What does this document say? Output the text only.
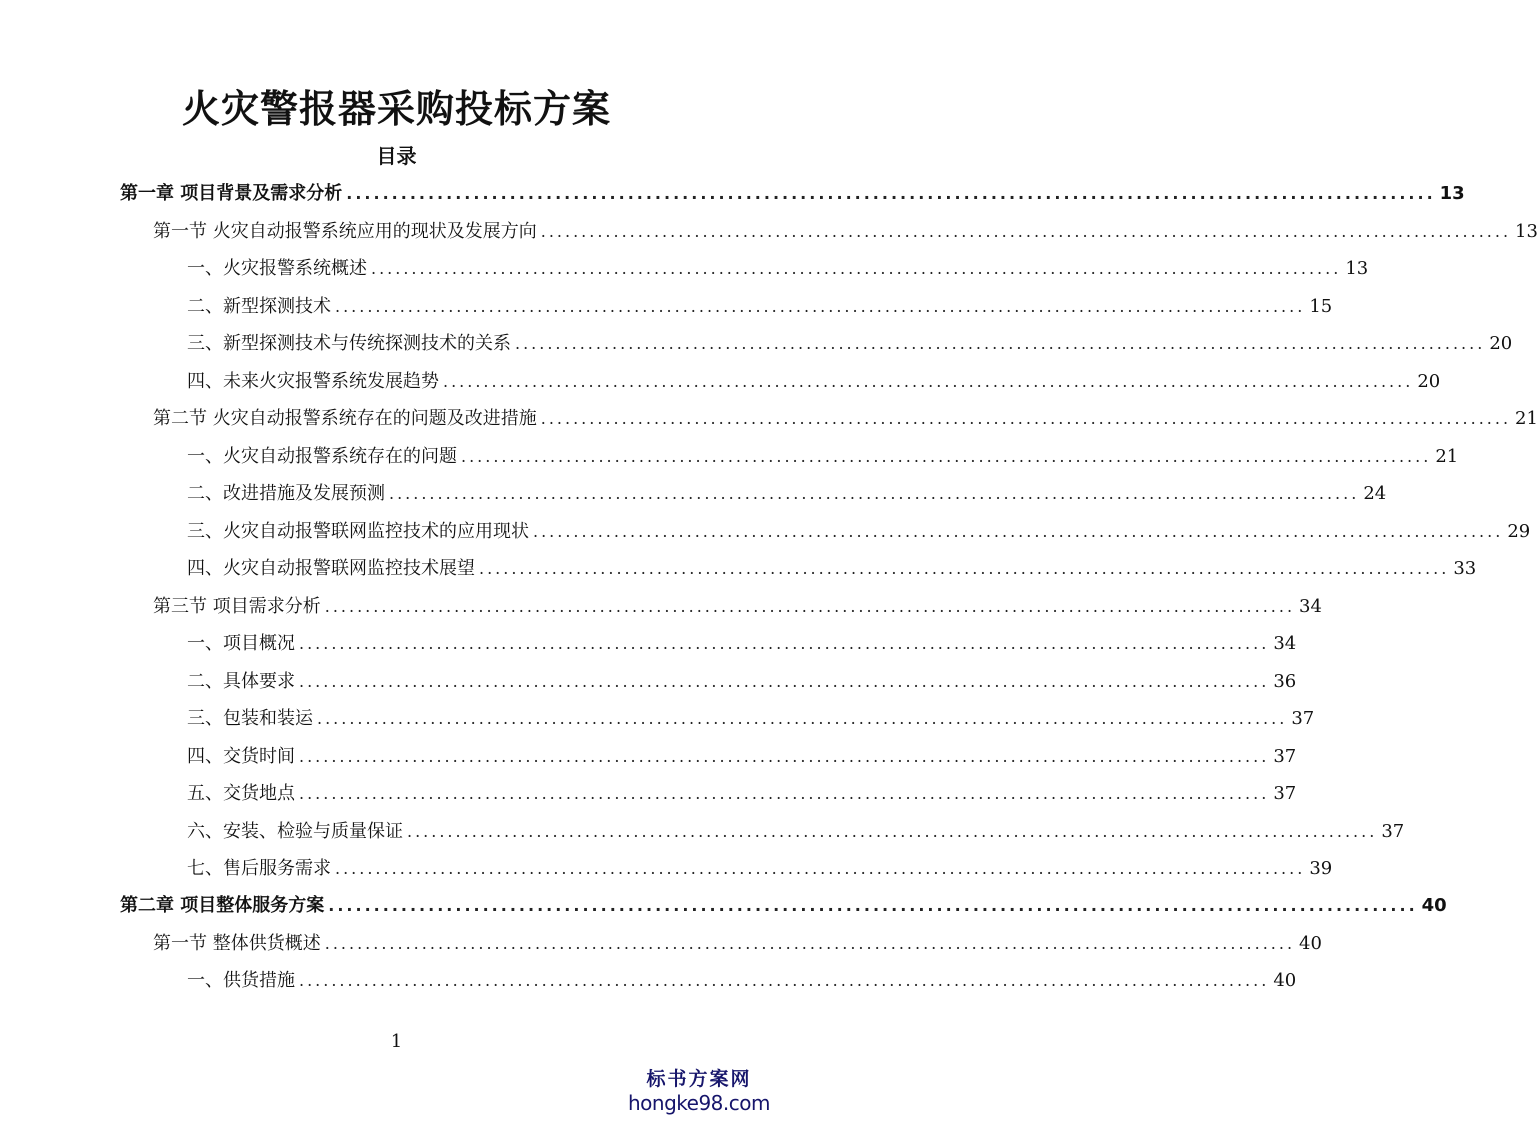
火灾警报器采购投标方案
目录
第一章 项目背景及需求分析 ........................................................................................................................ 13
第一节 火灾自动报警系统应用的现状及发展方向 ........................................................................................................................ 13
一、火灾报警系统概述 ........................................................................................................................ 13
二、新型探测技术 ........................................................................................................................ 15
三、新型探测技术与传统探测技术的关系 ........................................................................................................................ 20
四、未来火灾报警系统发展趋势 ........................................................................................................................ 20
第二节 火灾自动报警系统存在的问题及改进措施 ........................................................................................................................ 21
一、火灾自动报警系统存在的问题 ........................................................................................................................ 21
二、改进措施及发展预测 ........................................................................................................................ 24
三、火灾自动报警联网监控技术的应用现状 ........................................................................................................................ 29
四、火灾自动报警联网监控技术展望 ........................................................................................................................ 33
第三节 项目需求分析 ........................................................................................................................ 34
一、项目概况 ........................................................................................................................ 34
二、具体要求 ........................................................................................................................ 36
三、包装和装运 ........................................................................................................................ 37
四、交货时间 ........................................................................................................................ 37
五、交货地点 ........................................................................................................................ 37
六、安装、检验与质量保证 ........................................................................................................................ 37
七、售后服务需求 ........................................................................................................................ 39
第二章 项目整体服务方案 ........................................................................................................................ 40
第一节 整体供货概述 ........................................................................................................................ 40
一、供货措施 ........................................................................................................................ 40
1
标书方案网
hongke98.com
